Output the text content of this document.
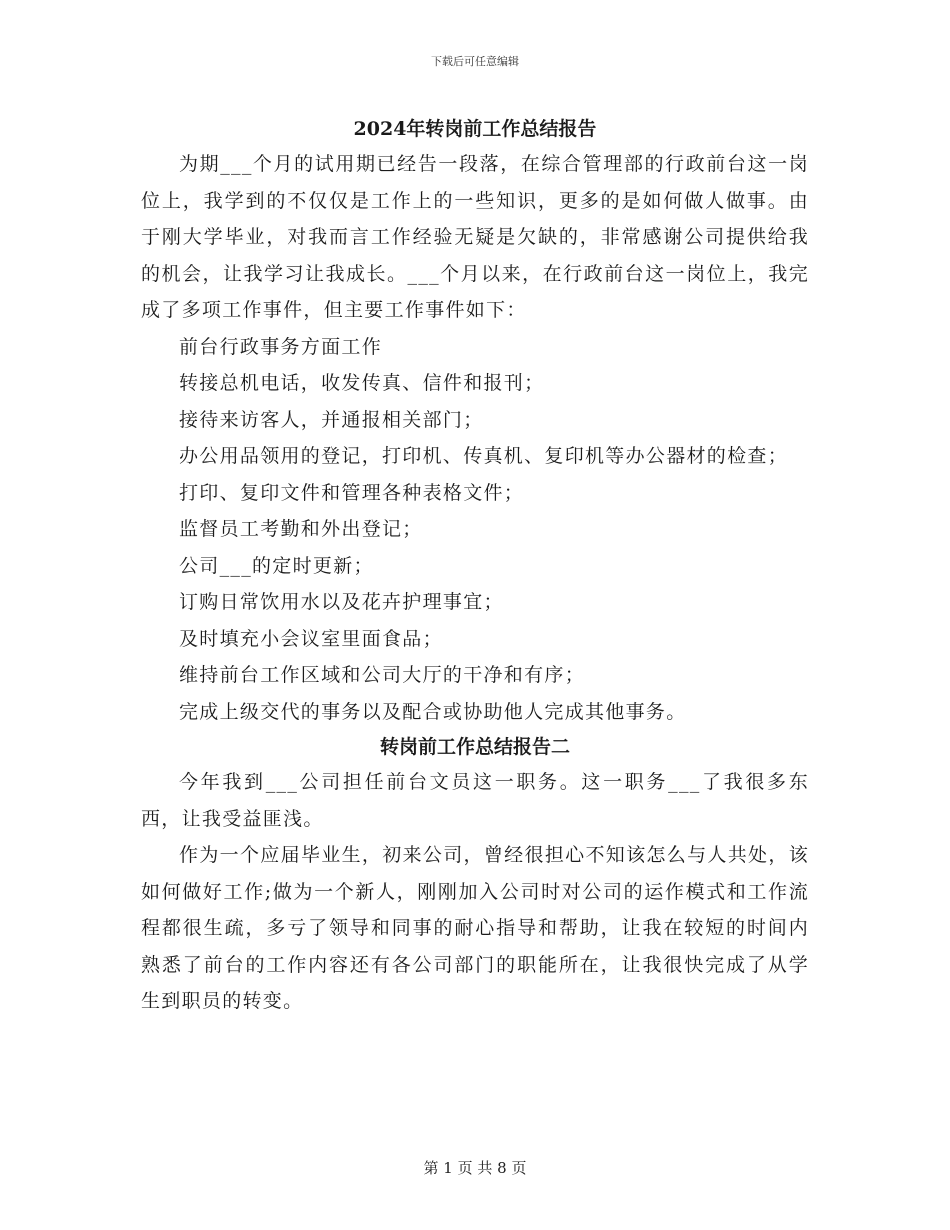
下载后可任意编辑
2024年转岗前工作总结报告

为期___个月的试用期已经告一段落，在综合管理部的行政前台这一岗位上，我学到的不仅仅是工作上的一些知识，更多的是如何做人做事。由于刚大学毕业，对我而言工作经验无疑是欠缺的，非常感谢公司提供给我的机会，让我学习让我成长。___个月以来，在行政前台这一岗位上，我完成了多项工作事件，但主要工作事件如下：

前台行政事务方面工作

转接总机电话，收发传真、信件和报刊；

接待来访客人，并通报相关部门；

办公用品领用的登记，打印机、传真机、复印机等办公器材的检查；

打印、复印文件和管理各种表格文件；

监督员工考勤和外出登记；

公司___的定时更新；

订购日常饮用水以及花卉护理事宜；

及时填充小会议室里面食品；

维持前台工作区域和公司大厅的干净和有序；

完成上级交代的事务以及配合或协助他人完成其他事务。

转岗前工作总结报告二

今年我到___公司担任前台文员这一职务。这一职务___了我很多东西，让我受益匪浅。

作为一个应届毕业生，初来公司，曾经很担心不知该怎么与人共处，该如何做好工作;做为一个新人，刚刚加入公司时对公司的运作模式和工作流程都很生疏，多亏了领导和同事的耐心指导和帮助，让我在较短的时间内熟悉了前台的工作内容还有各公司部门的职能所在，让我很快完成了从学生到职员的转变。

第 1 页 共 8 页
